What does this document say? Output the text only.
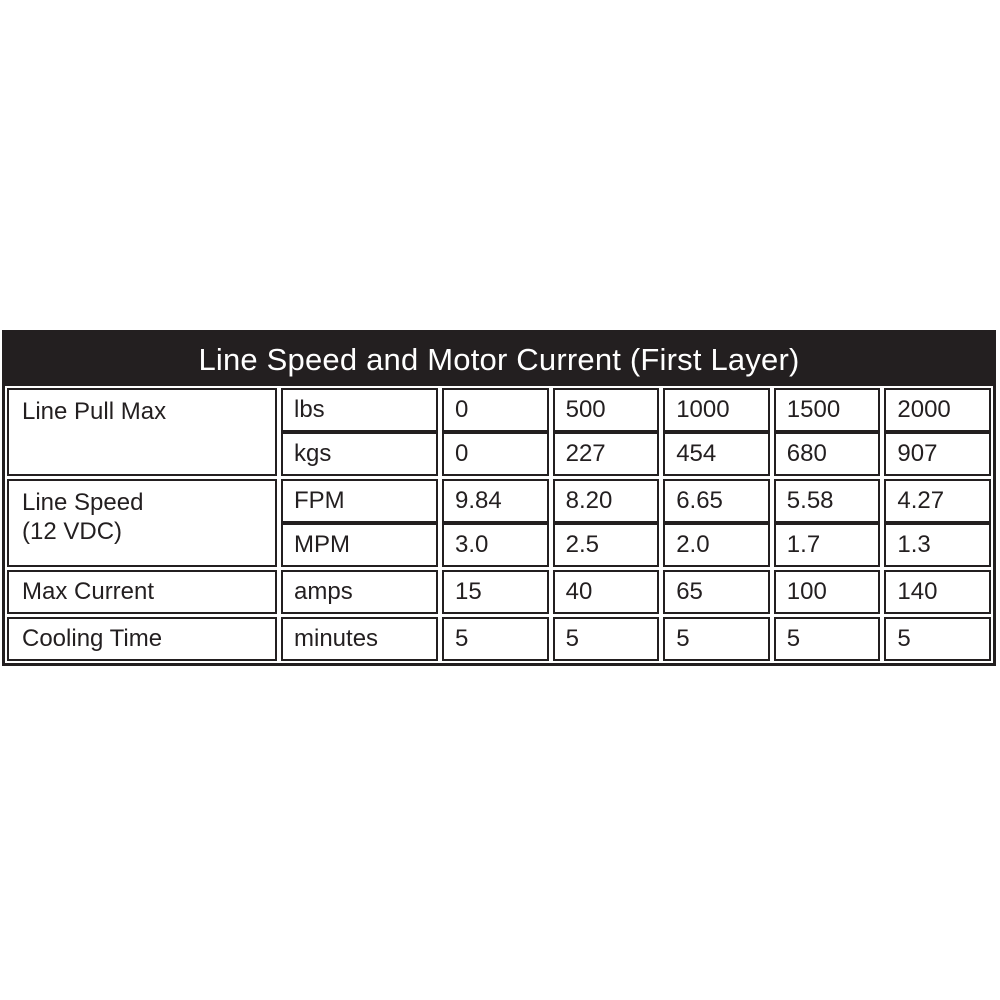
Line Speed and Motor Current (First Layer)
Line Pull Max	lbs	0	500	1000	1500	2000
kgs	0	227	454	680	907
Line Speed
(12 VDC)
FPM	9.84	8.20	6.65	5.58	4.27
MPM	3.0	2.5	2.0	1.7	1.3
Max Current	amps	15	40	65	100	140
Cooling Time	minutes	5	5	5	5	5
